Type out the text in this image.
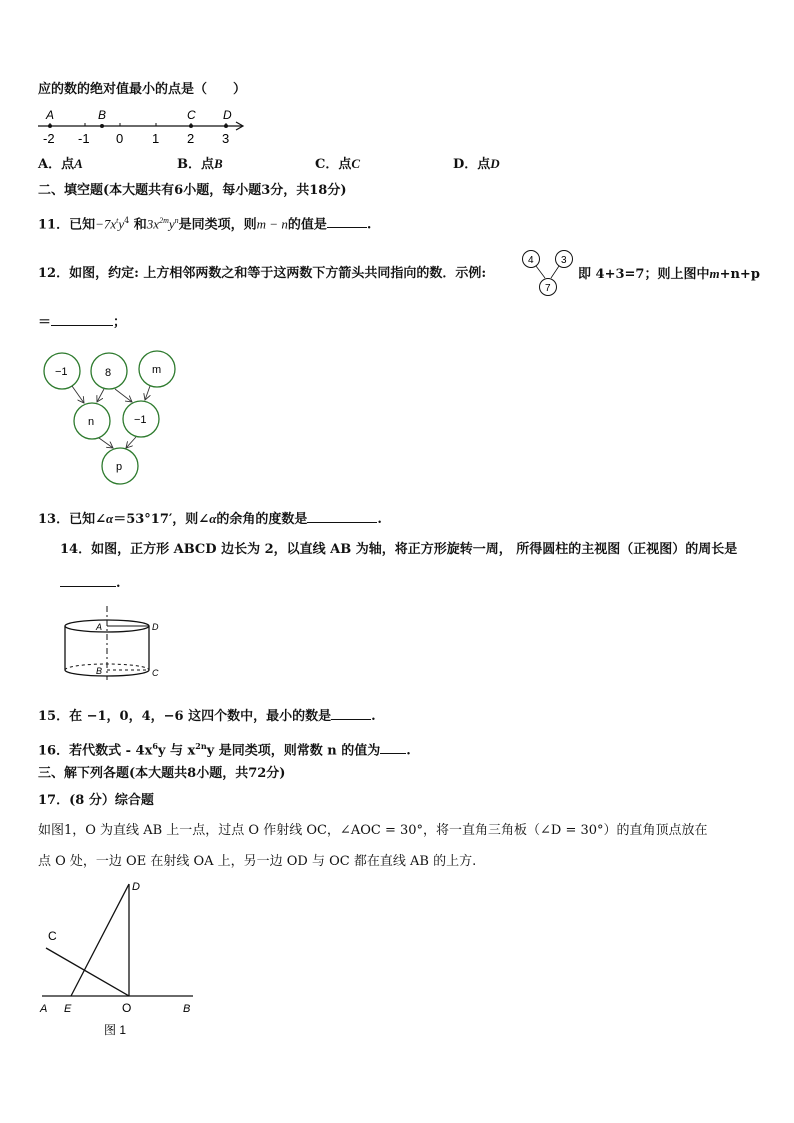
应的数的绝对值最小的点是（　　）
A	B	C D
-2 -1 0 1 2 3
A．点A	B．点B	C．点C	D．点D
二、填空题(本大题共有6小题，每小题3分，共18分)
11．已知$-7x^ty^4$ 和$3x^{2m}y^n$是同类项，则m − n的值是	.
12．如图，约定: 上方相邻两数之和等于这两数下方箭头共同指向的数．示例:
4	3
7
即 4+3=7；则上图中m+n+p
＝	；
−1	8	m
n	−1
p
13．已知∠α＝53°17′，则∠α的余角的度数是	.
14．如图，正方形 ABCD 边长为 2，以直线 AB 为轴，将正方形旋转一周， 所得圆柱的主视图（正视图）的周长是
.
A
B	C
D
15．在 −1，0，4，−6 这四个数中，最小的数是	.
16．若代数式 - $4x^6y$ 与 $x^{2n}y$ 是同类项，则常数 n 的值为 .
三、解下列各题(本大题共8小题，共72分)
17．(8 分）综合题
如图1，O 为直线 AB 上一点，过点 O 作射线 OC，∠AOC = 30°，将一直角三角板（∠D = 30°）的直角顶点放在
点 O 处，一边 OE 在射线 OA 上，另一边 OD 与 OC 都在直线 AB 的上方.
D
C
A E	O	B
图 1
